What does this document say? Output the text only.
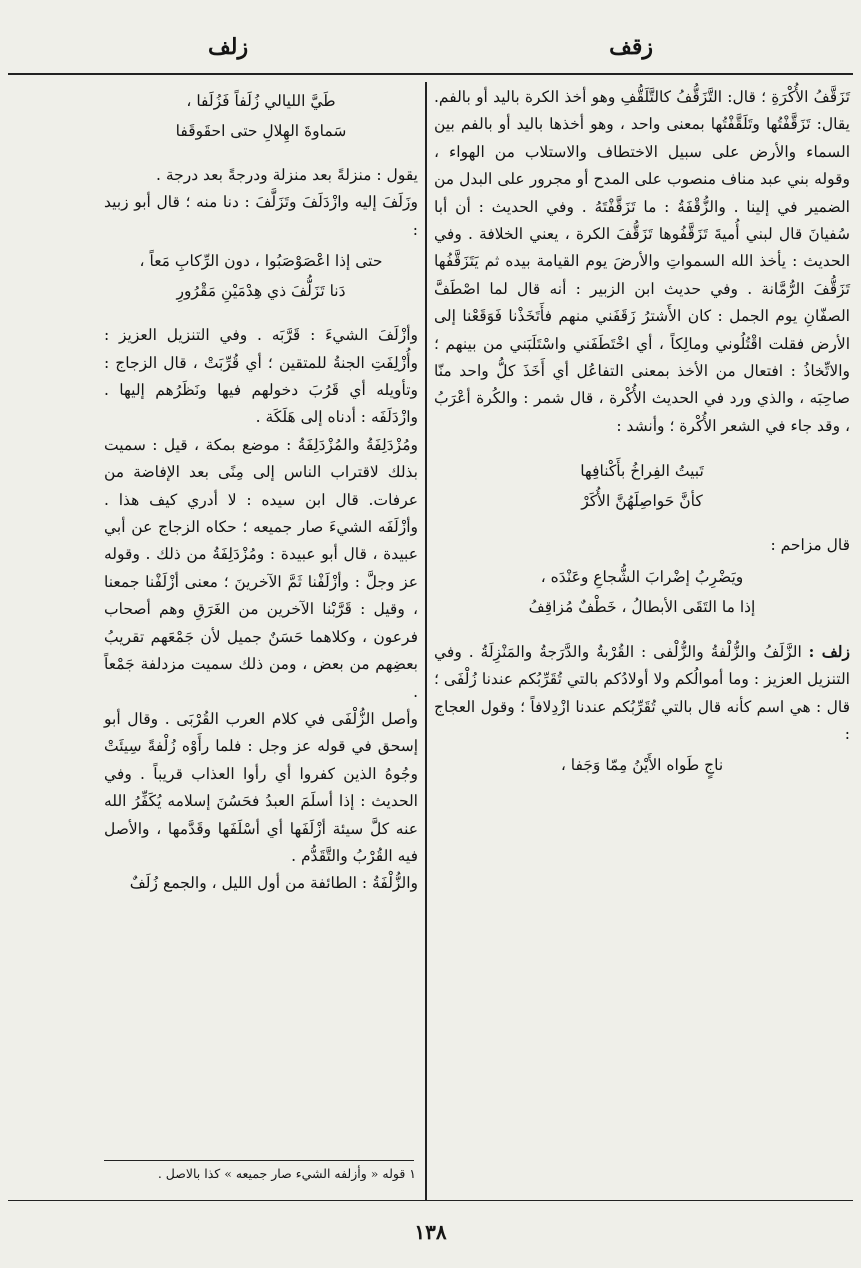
زقف
زلف

تَزَقَّفُ الأُكْرَةِ ؛ قال: التَّزَقُّفُ كالتَّلَقُّفِ وهو أخذ الكرة باليد أو بالفم. يقال: تَزَقَّفْتُها وتَلَقَّفْتُها بمعنى واحد ، وهو أخذها باليد أو بالفم بين السماء والأرض على سبيل الاختطاف والاستلاب من الهواء ، وقوله بني عبد مناف منصوب على المدح أو مجرور على البدل من الضمير في إلينا . والزُّقْفَةُ : ما تَزَقَّفْتَهُ . وفي الحديث : أن أبا سُفيانَ قال لبني أُميةَ تَزَقَّفُوها تَزَقُّفَ الكرة ، يعني الخلافة . وفي الحديث : يأخذ الله السمواتِ والأرضَ يوم القيامة بيده ثم يَتَزَقَّفُها تَزَقُّفَ الرُّمَّانة . وفي حديث ابن الزبير : أنه قال لما اصْطَفَّ الصفّانِ يوم الجمل : كان الأَشترُ زَقَفَني منهم فأَتَخَذْنا فَوَقَعْنا إلى الأرض فقلت اقْتُلُوني ومالِكاً ، أي اخْتَطَفَني واسْتَلَبَني من بينهم ؛ والاتِّخاذُ : افتعال من الأخذ بمعنى التفاعُل أي أَخَذَ كلُّ واحد منّا صاحِبَه ، والذي ورد في الحديث الأُكْرة ، قال شمر : والكُرة أعْرَبُ ، وقد جاء في الشعر الأُكْرة ؛ وأنشد :

تَبيتُ الفِراخُ بأَكْنافِها

كأنَّ حَواصِلَهُنَّ الأُكَرْ

قال مزاحم :

ويَضْرِبُ إضْرابَ الشُّجاعِ وعَنْدَه ،

إذا ما التَقَى الأبطالُ ، خَطْفٌ مُزاقِفُ

زلف : الزَّلَفُ والزُّلْفةُ والزُّلْفى : القُرْبةُ والدَّرَجةُ والمَنْزِلَةُ . وفي التنزيل العزيز : وما أموالُكم ولا أولادُكم بالتي تُقَرِّبُكم عندنا زُلْفَى ؛ قال : هي اسم كأنه قال بالتي تُقَرِّبُكم عندنا ازْدِلافاً ؛ وقول العجاج :

ناجٍ طَواه الأَيْنُ مِمّا وَجَفا ،

طَيَّ الليالي زُلَفاً فَزُلَفا ،

سَماوةَ الهِلالِ حتى احقَوقَفا

يقول : منزلةً بعد منزلة ودرجةً بعد درجة .

وزَلَفَ إليه وازْدَلَفَ وتَزَلَّفَ : دنا منه ؛ قال أبو زبيد :

حتى إذا اعْصَوْصَبُوا ، دون الرِّكابِ مَعاً ،

دَنا تَزَلُّفَ ذي هِدْمَيْنِ مَقْرُورِ

وأزْلَفَ الشيءَ : قَرَّبَه . وفي التنزيل العزيز : وأُزْلِفَتِ الجنةُ للمتقين ؛ أي قُرِّبَتْ ، قال الزجاج : وتأويله أي قَرُبَ دخولهم فيها ونَظَرُهم إليها . وازْدَلَفَه : أدناه إلى هَلَكَة .

ومُزْدَلِفَةُ والمُزْدَلِفَةُ : موضع بمكة ، قيل : سميت بذلك لاقتراب الناس إلى مِنًى بعد الإفاضة من عرفات. قال ابن سيده : لا أدري كيف هذا . وأزْلَفَه الشيءَ صار جميعه ؛ حكاه الزجاج عن أبي عبيدة ، قال أبو عبيدة : ومُزْدَلِفَةُ من ذلك . وقوله عز وجلَّ : وأزْلَفْنا ثَمَّ الآخرينَ ؛ معنى أزْلَفْنا جمعنا ، وقيل : قَرَّبْنا الآخرين من الغَرَقِ وهم أصحاب فرعون ، وكلاهما حَسَنٌ جميل لأن جَمْعَهم تقريبُ بعضِهم من بعض ، ومن ذلك سميت مزدلفة جَمْعاً .

وأصل الزُّلْفَى في كلام العرب القُرْبَى . وقال أبو إسحق في قوله عز وجل : فلما رأَوْه زُلْفةً سِيئَتْ وجُوهُ الذين كفروا أي رأوا العذاب قريباً . وفي الحديث : إذا أسلَمَ العبدُ فحَسُنَ إسلامه يُكَفِّرُ الله عنه كلَّ سيئة أزْلَفَها أي أسْلَفَها وقَدَّمها ، والأصل فيه القُرْبُ والتَّقَدُّم .

والزُّلْفَةُ : الطائفة من أول الليل ، والجمع زُلَفٌ

١ قوله « وأزلفه الشيء صار جميعه » كذا بالاصل .
١٣٨
